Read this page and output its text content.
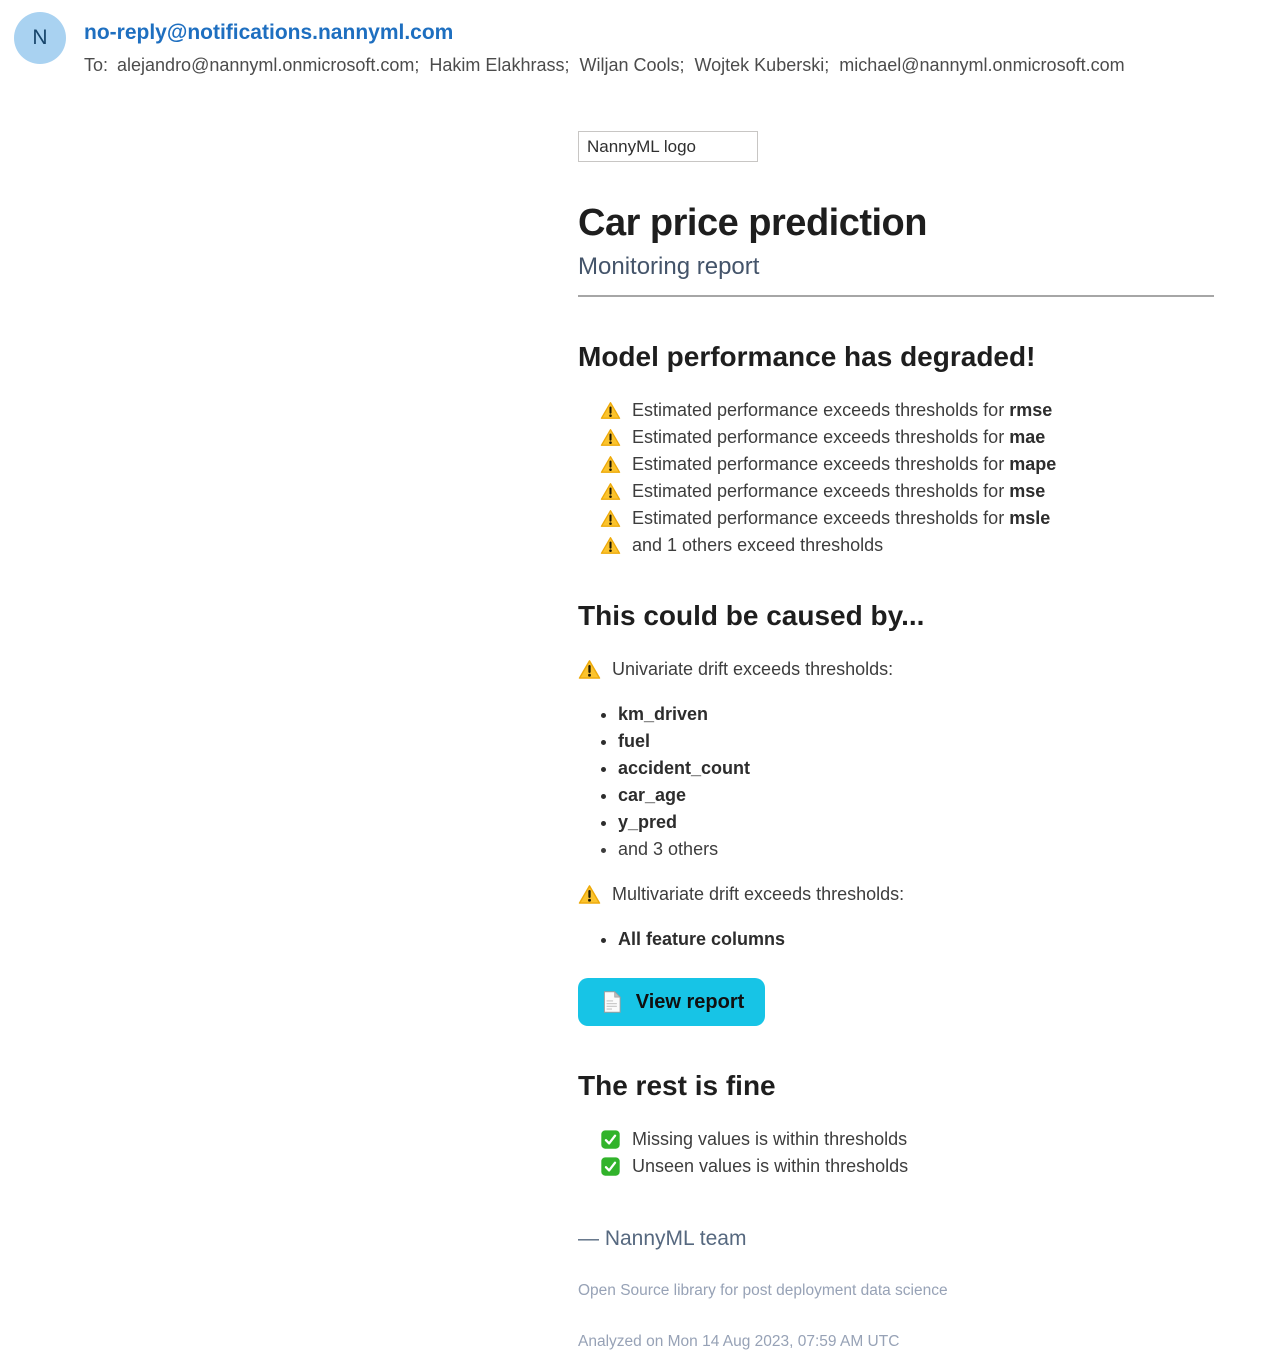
N no-reply@notifications.nannyml.com
To: alejandro@nannyml.onmicrosoft.com;  Hakim Elakhrass;  Wiljan Cools;  Wojtek Kuberski;  michael@nannyml.onmicrosoft.com
NannyML logo
Car price prediction
Monitoring report
Model performance has degraded!
Estimated performance exceeds thresholds for rmse
Estimated performance exceeds thresholds for mae
Estimated performance exceeds thresholds for mape
Estimated performance exceeds thresholds for mse
Estimated performance exceeds thresholds for msle
and 1 others exceed thresholds
This could be caused by...
Univariate drift exceeds thresholds:
• km_driven
• fuel
• accident_count
• car_age
• y_pred
• and 3 others
Multivariate drift exceeds thresholds:
• All feature columns
View report
The rest is fine
Missing values is within thresholds
Unseen values is within thresholds
— NannyML team
Open Source library for post deployment data science
Analyzed on Mon 14 Aug 2023, 07:59 AM UTC
